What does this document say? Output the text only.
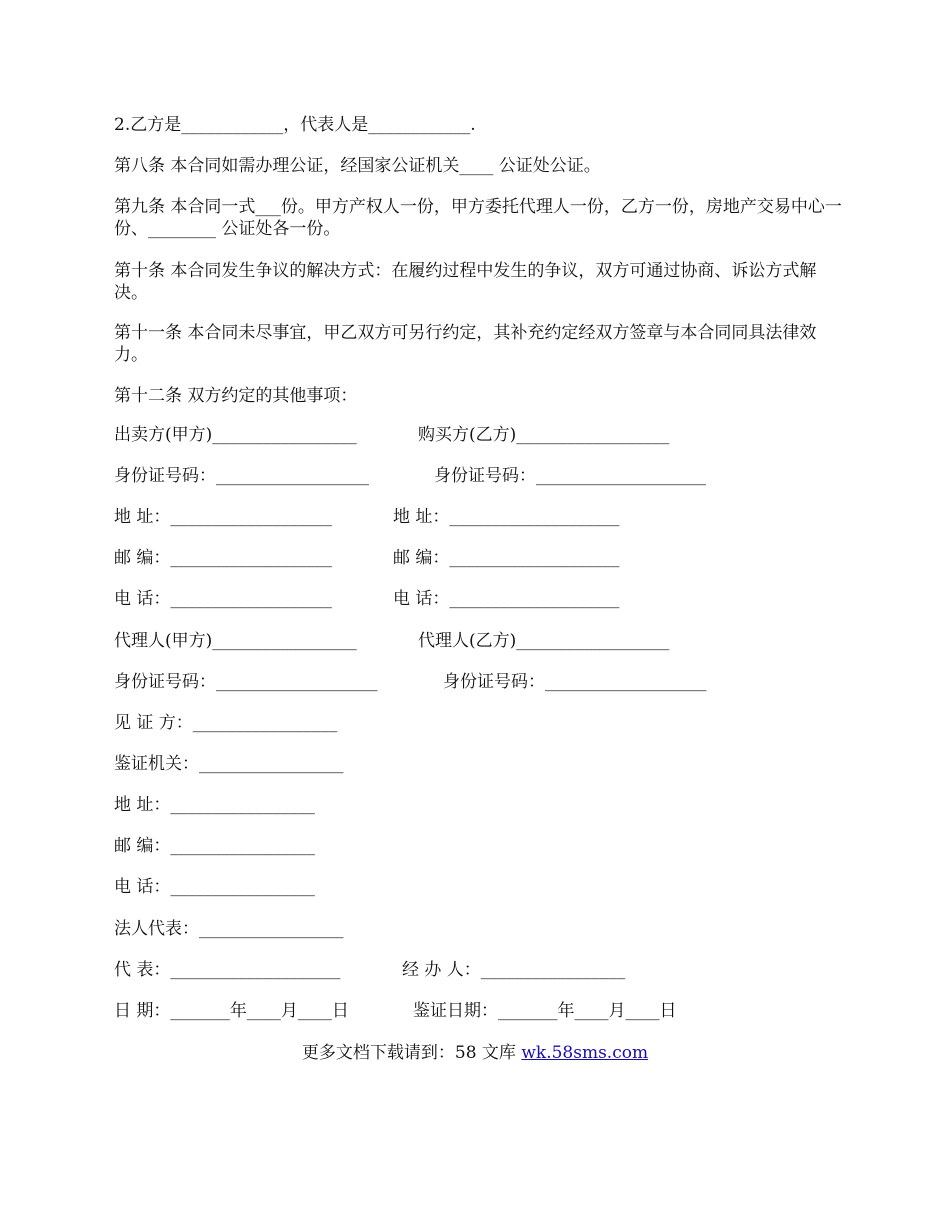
2.乙方是____________，代表人是____________.
第八条 本合同如需办理公证，经国家公证机关____ 公证处公证。
第九条 本合同一式___份。甲方产权人一份，甲方委托代理人一份，乙方一份，房地产交易中心一份、________ 公证处各一份。
第十条 本合同发生争议的解决方式：在履约过程中发生的争议，双方可通过协商、诉讼方式解决。
第十一条 本合同未尽事宜，甲乙双方可另行约定，其补充约定经双方签章与本合同同具法律效力。
第十二条 双方约定的其他事项：
出卖方(甲方)_________________	购买方(乙方)__________________
身份证号码：__________________	身份证号码：____________________
地 址：___________________	地 址：____________________
邮 编：___________________	邮 编：____________________
电 话：___________________	电 话：____________________
代理人(甲方)_________________	代理人(乙方)__________________
身份证号码：___________________	身份证号码：___________________
见 证 方：_________________
鉴证机关：_________________
地 址：_________________
邮 编：_________________
电 话：_________________
法人代表：_________________
代 表：____________________	经 办 人：_________________
日 期：_______年____月____日	鉴证日期：_______年____月____日
更多文档下载请到：58 文库 wk.58sms.com
